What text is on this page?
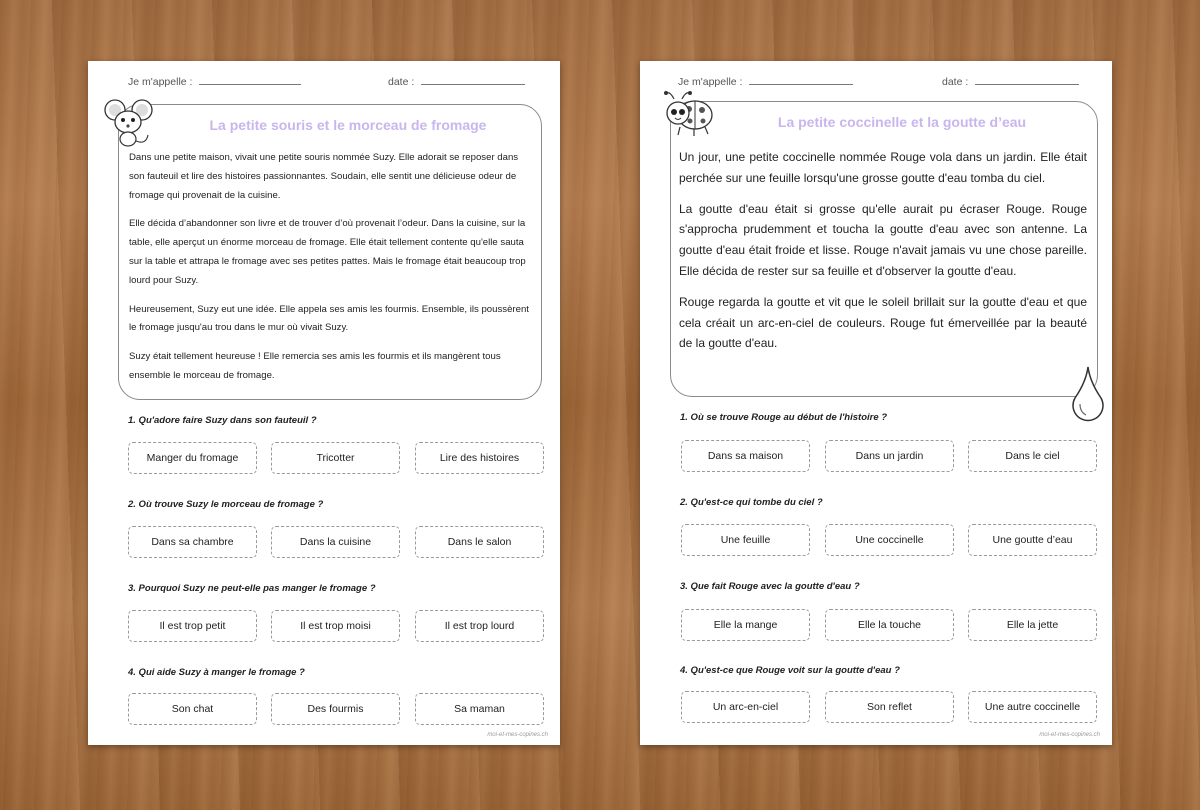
Je m'appelle :	date :
La petite souris et le morceau de fromage

Dans une petite maison, vivait une petite souris nommée Suzy. Elle adorait se reposer dans son fauteuil et lire des histoires passionnantes. Soudain, elle sentit une délicieuse odeur de fromage qui provenait de la cuisine.

Elle décida d’abandonner son livre et de trouver d’où provenait l’odeur. Dans la cuisine, sur la table, elle aperçut un énorme morceau de fromage. Elle était tellement contente qu'elle sauta sur la table et attrapa le fromage avec ses petites pattes. Mais le fromage était beaucoup trop lourd pour Suzy.

Heureusement, Suzy eut une idée. Elle appela ses amis les fourmis. Ensemble, ils poussèrent le fromage jusqu'au trou dans le mur où vivait Suzy.

Suzy était tellement heureuse ! Elle remercia ses amis les fourmis et ils mangèrent tous ensemble le morceau de fromage.

1. Qu'adore faire Suzy dans son fauteuil ?
Manger du fromage	Tricotter	Lire des histoires
2. Où trouve Suzy le morceau de fromage ?
Dans sa chambre	Dans la cuisine	Dans le salon
3. Pourquoi Suzy ne peut-elle pas manger le fromage ?
Il est trop petit	Il est trop moisi	Il est trop lourd
4. Qui aide Suzy à manger le fromage ?
Son chat	Des fourmis	Sa maman
moi-et-mes-copines.ch
Je m'appelle :	date :
La petite coccinelle et la goutte d’eau

Un jour, une petite coccinelle nommée Rouge vola dans un jardin. Elle était perchée sur une feuille lorsqu'une grosse goutte d'eau tomba du ciel.

La goutte d'eau était si grosse qu'elle aurait pu écraser Rouge. Rouge s'approcha prudemment et toucha la goutte d'eau avec son antenne. La goutte d'eau était froide et lisse. Rouge n'avait jamais vu une chose pareille. Elle décida de rester sur sa feuille et d'observer la goutte d'eau.

Rouge regarda la goutte et vit que le soleil brillait sur la goutte d'eau et que cela créait un arc-en-ciel de couleurs. Rouge fut émerveillée par la beauté de la goutte d'eau.

1. Où se trouve Rouge au début de l'histoire ?
Dans sa maison	Dans un jardin	Dans le ciel
2. Qu'est-ce qui tombe du ciel ?
Une feuille	Une coccinelle	Une goutte d’eau
3. Que fait Rouge avec la goutte d'eau ?
Elle la mange	Elle la touche	Elle la jette
4. Qu'est-ce que Rouge voit sur la goutte d'eau ?
Un arc-en-ciel	Son reflet	Une autre coccinelle
moi-et-mes-copines.ch
